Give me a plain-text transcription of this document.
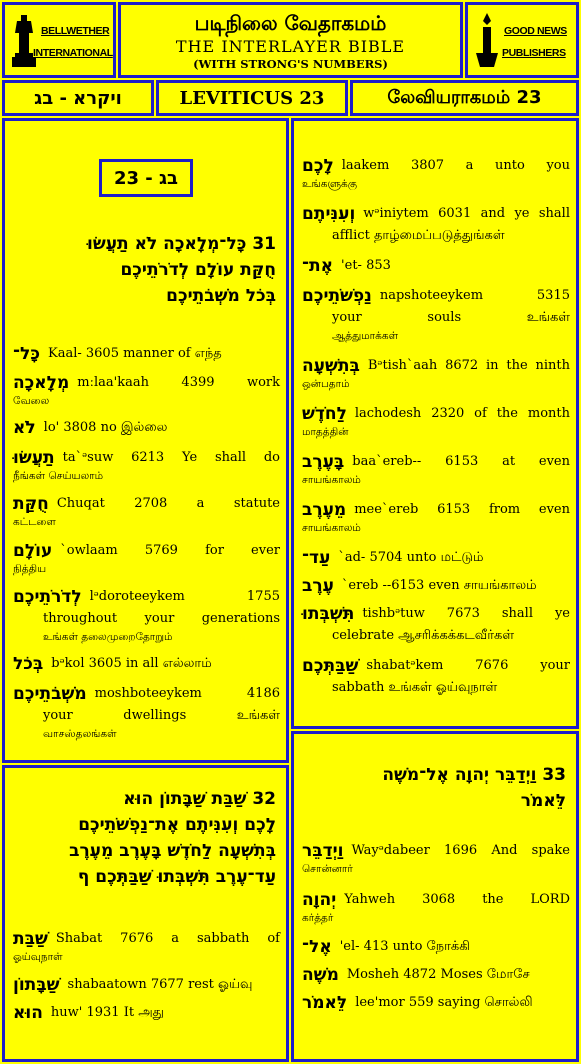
BELLWETHER
INTERNATIONAL
படிநிலை வேதாகமம்
THE INTERLAYER BIBLE
(WITH STRONG'S NUMBERS)
GOOD NEWS
PUBLISHERS
ויקרא - בג	LEVITICUS 23	லேவியராகமம் 23
בג - 23
31 כָּל־מְלָאכָה לֹא תַעֲשׂוּ
חֻקַּת עוֹלָם לְדֹרֹתֵיכֶם
בְּכֹל מֹשְׁבֹתֵיכֶם
כָּל־ Kaal- 3605 manner of எந்த
מְלָאכָה mːlaa'kaah 4399 work
வேலை
לֹא lo' 3808 no இல்லை
תַעֲשׂוּ ta`ᵊsuw 6213 Ye shall do
நீங்கள் செய்யலாம்
חֻקַּת Chuqat 2708 a statute
கட்டளை
עוֹלָם `owlaam 5769 for ever
நித்திய
לְדֹרֹתֵיכֶם lᵊdoroteeykem 1755
throughout your generations
உங்கள் தலைமுறைதோறும்
בְּכֹל bᵊkol 3605 in all எல்லாம்
מֹשְׁבֹתֵיכֶם moshboteeykem 4186
your dwellings உங்கள்
வாசஸ்தலங்கள்
32 שַׁבַּת שַׁבָּתוֹן הוּא
לָכֶם וְעִנִּיתֶם אֶת־נַפְשֹׁתֵיכֶם
בְּתִשְׁעָה לַחֹדֶשׁ בָּעֶרֶב מֵעֶרֶב
עַד־עֶרֶב תִּשְׁבְּתוּ שַׁבַּתְּכֶם ף
שַׁבַּת Shabat 7676 a sabbath of
ஓய்வுநாள்
שַׁבָּתוֹן shabaatown 7677 rest ஓய்வு
הוּא huw' 1931 It அது
לָכֶם laakem 3807 a unto you
உங்களுக்கு
וְעִנִּיתֶם wᵊiniytem 6031 and ye shall
afflict தாழ்மைப்படுத்துங்கள்
אֶת־ 'et- 853
נַפְשֹׁתֵיכֶם napshoteeykem 5315
your souls உங்கள்
ஆத்துமாக்கள்
בְּתִשְׁעָה Bᵊtish`aah 8672 in the ninth
ஒன்பதாம்
לַחֹדֶשׁ lachodesh 2320 of the month
மாதத்தின்
בָּעֶרֶב baa`ereb-- 6153 at even
சாயங்காலம்
מֵעֶרֶב mee`ereb 6153 from even
சாயங்காலம்
עַד־ `ad- 5704 unto மட்டும்
עֶרֶב `ereb --6153 even சாயங்காலம்
תִּשְׁבְּתוּ tishbᵊtuw 7673 shall ye
celebrate ஆசரிக்கக்கடவீர்கள்
שַׁבַּתְּכֶם shabatᵊkem 7676 your
sabbath உங்கள் ஓய்வுநாள்
33 וַיְדַבֵּר יְהוָה אֶל־מֹשֶׁה
לֵּאמֹר
וַיְדַבֵּר Wayᵊdabeer 1696 And spake
சொன்னார்
יְהוָה Yahweh 3068 the LORD
கர்த்தர்
אֶל־ 'el- 413 unto நோக்கி
מֹשֶׁה Mosheh 4872 Moses மோசே
לֵּאמֹר lee'mor 559 saying சொல்லி
